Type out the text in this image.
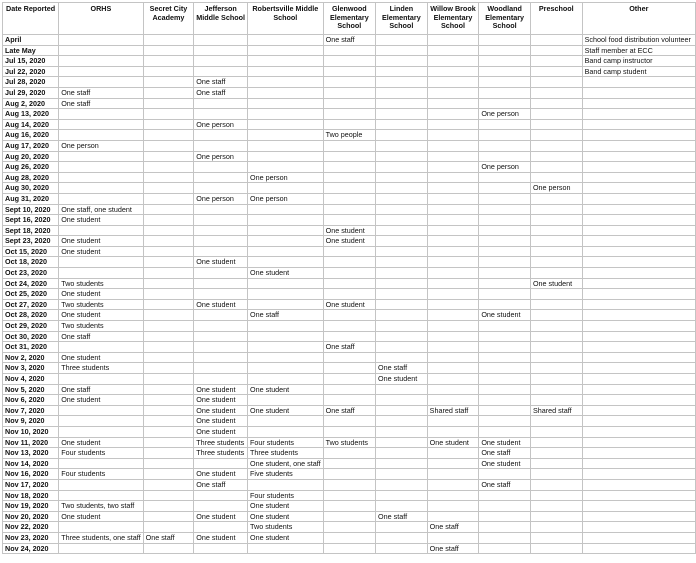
Date Reported	ORHS	Secret City Academy	Jefferson Middle School	Robertsville Middle School	Glenwood Elementary School	Linden Elementary School	Willow Brook Elementary School	Woodland Elementary School	Preschool	Other
April					One staff					School food distribution volunteer
Late May										Staff member at ECC
Jul 15, 2020										Band camp instructor
Jul 22, 2020										Band camp student
Jul 28, 2020			One staff							
Jul 29, 2020	One staff		One staff							
Aug 2, 2020	One staff									
Aug 13, 2020								One person		
Aug 14, 2020			One person							
Aug 16, 2020					Two people					
Aug 17, 2020	One person									
Aug 20, 2020			One person							
Aug 26, 2020								One person		
Aug 28, 2020				One person						
Aug 30, 2020									One person	
Aug 31, 2020			One person	One person						
Sept 10, 2020	One staff, one student									
Sept 16, 2020	One student									
Sept 18, 2020					One student					
Sept 23, 2020	One student				One student					
Oct 15, 2020	One student									
Oct 18, 2020			One student							
Oct 23, 2020				One student						
Oct 24, 2020	Two students								One student	
Oct 25, 2020	One student									
Oct 27, 2020	Two students		One student		One student					
Oct 28, 2020	One student			One staff				One student		
Oct 29, 2020	Two students									
Oct 30, 2020	One staff									
Oct 31, 2020					One staff					
Nov 2, 2020	One student									
Nov 3, 2020	Three students					One staff				
Nov 4, 2020						One student				
Nov 5, 2020	One staff		One student	One student						
Nov 6, 2020	One student		One student							
Nov 7, 2020			One student	One student	One staff		Shared staff		Shared staff	
Nov 9, 2020			One student							
Nov 10, 2020			One student							
Nov 11, 2020	One student		Three students	Four students	Two students		One student	One student		
Nov 13, 2020	Four students		Three students	Three students				One staff		
Nov 14, 2020				One student, one staff				One student		
Nov 16, 2020	Four students		One student	Five students						
Nov 17, 2020			One staff					One staff		
Nov 18, 2020				Four students						
Nov 19, 2020	Two students, two staff			One student						
Nov 20, 2020	One student		One student	One student		One staff				
Nov 22, 2020				Two students			One staff			
Nov 23, 2020	Three students, one staff	One staff	One student	One student						
Nov 24, 2020							One staff			
